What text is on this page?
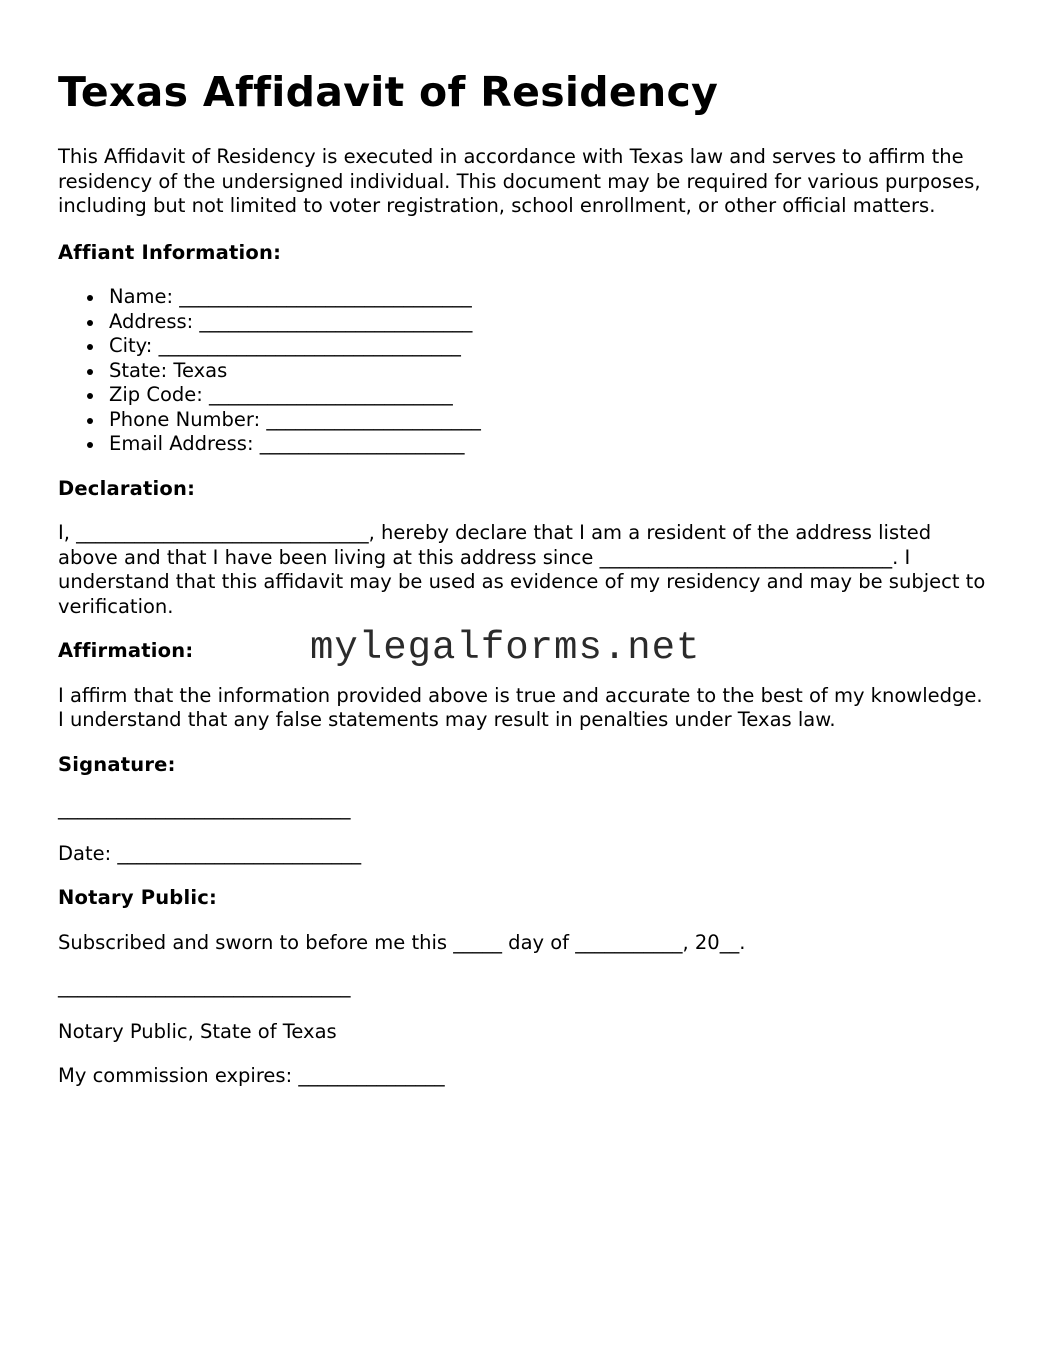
Texas Affidavit of Residency

This Affidavit of Residency is executed in accordance with Texas law and serves to affirm the residency of the undersigned individual. This document may be required for various purposes, including but not limited to voter registration, school enrollment, or other official matters.

Affiant Information:
Name: ______________________________
Address: ____________________________
City: _______________________________
State: Texas
Zip Code: _________________________
Phone Number: ______________________
Email Address: _____________________
Declaration:

I, ______________________________, hereby declare that I am a resident of the address listed above and that I have been living at this address since ______________________________. I understand that this affidavit may be used as evidence of my residency and may be subject to verification.

Affirmation:	mylegalforms.net

I affirm that the information provided above is true and accurate to the best of my knowledge. I understand that any false statements may result in penalties under Texas law.

Signature:
______________________________
Date: _________________________
Notary Public:
Subscribed and sworn to before me this _____ day of ___________, 20__.
______________________________
Notary Public, State of Texas
My commission expires: _______________
